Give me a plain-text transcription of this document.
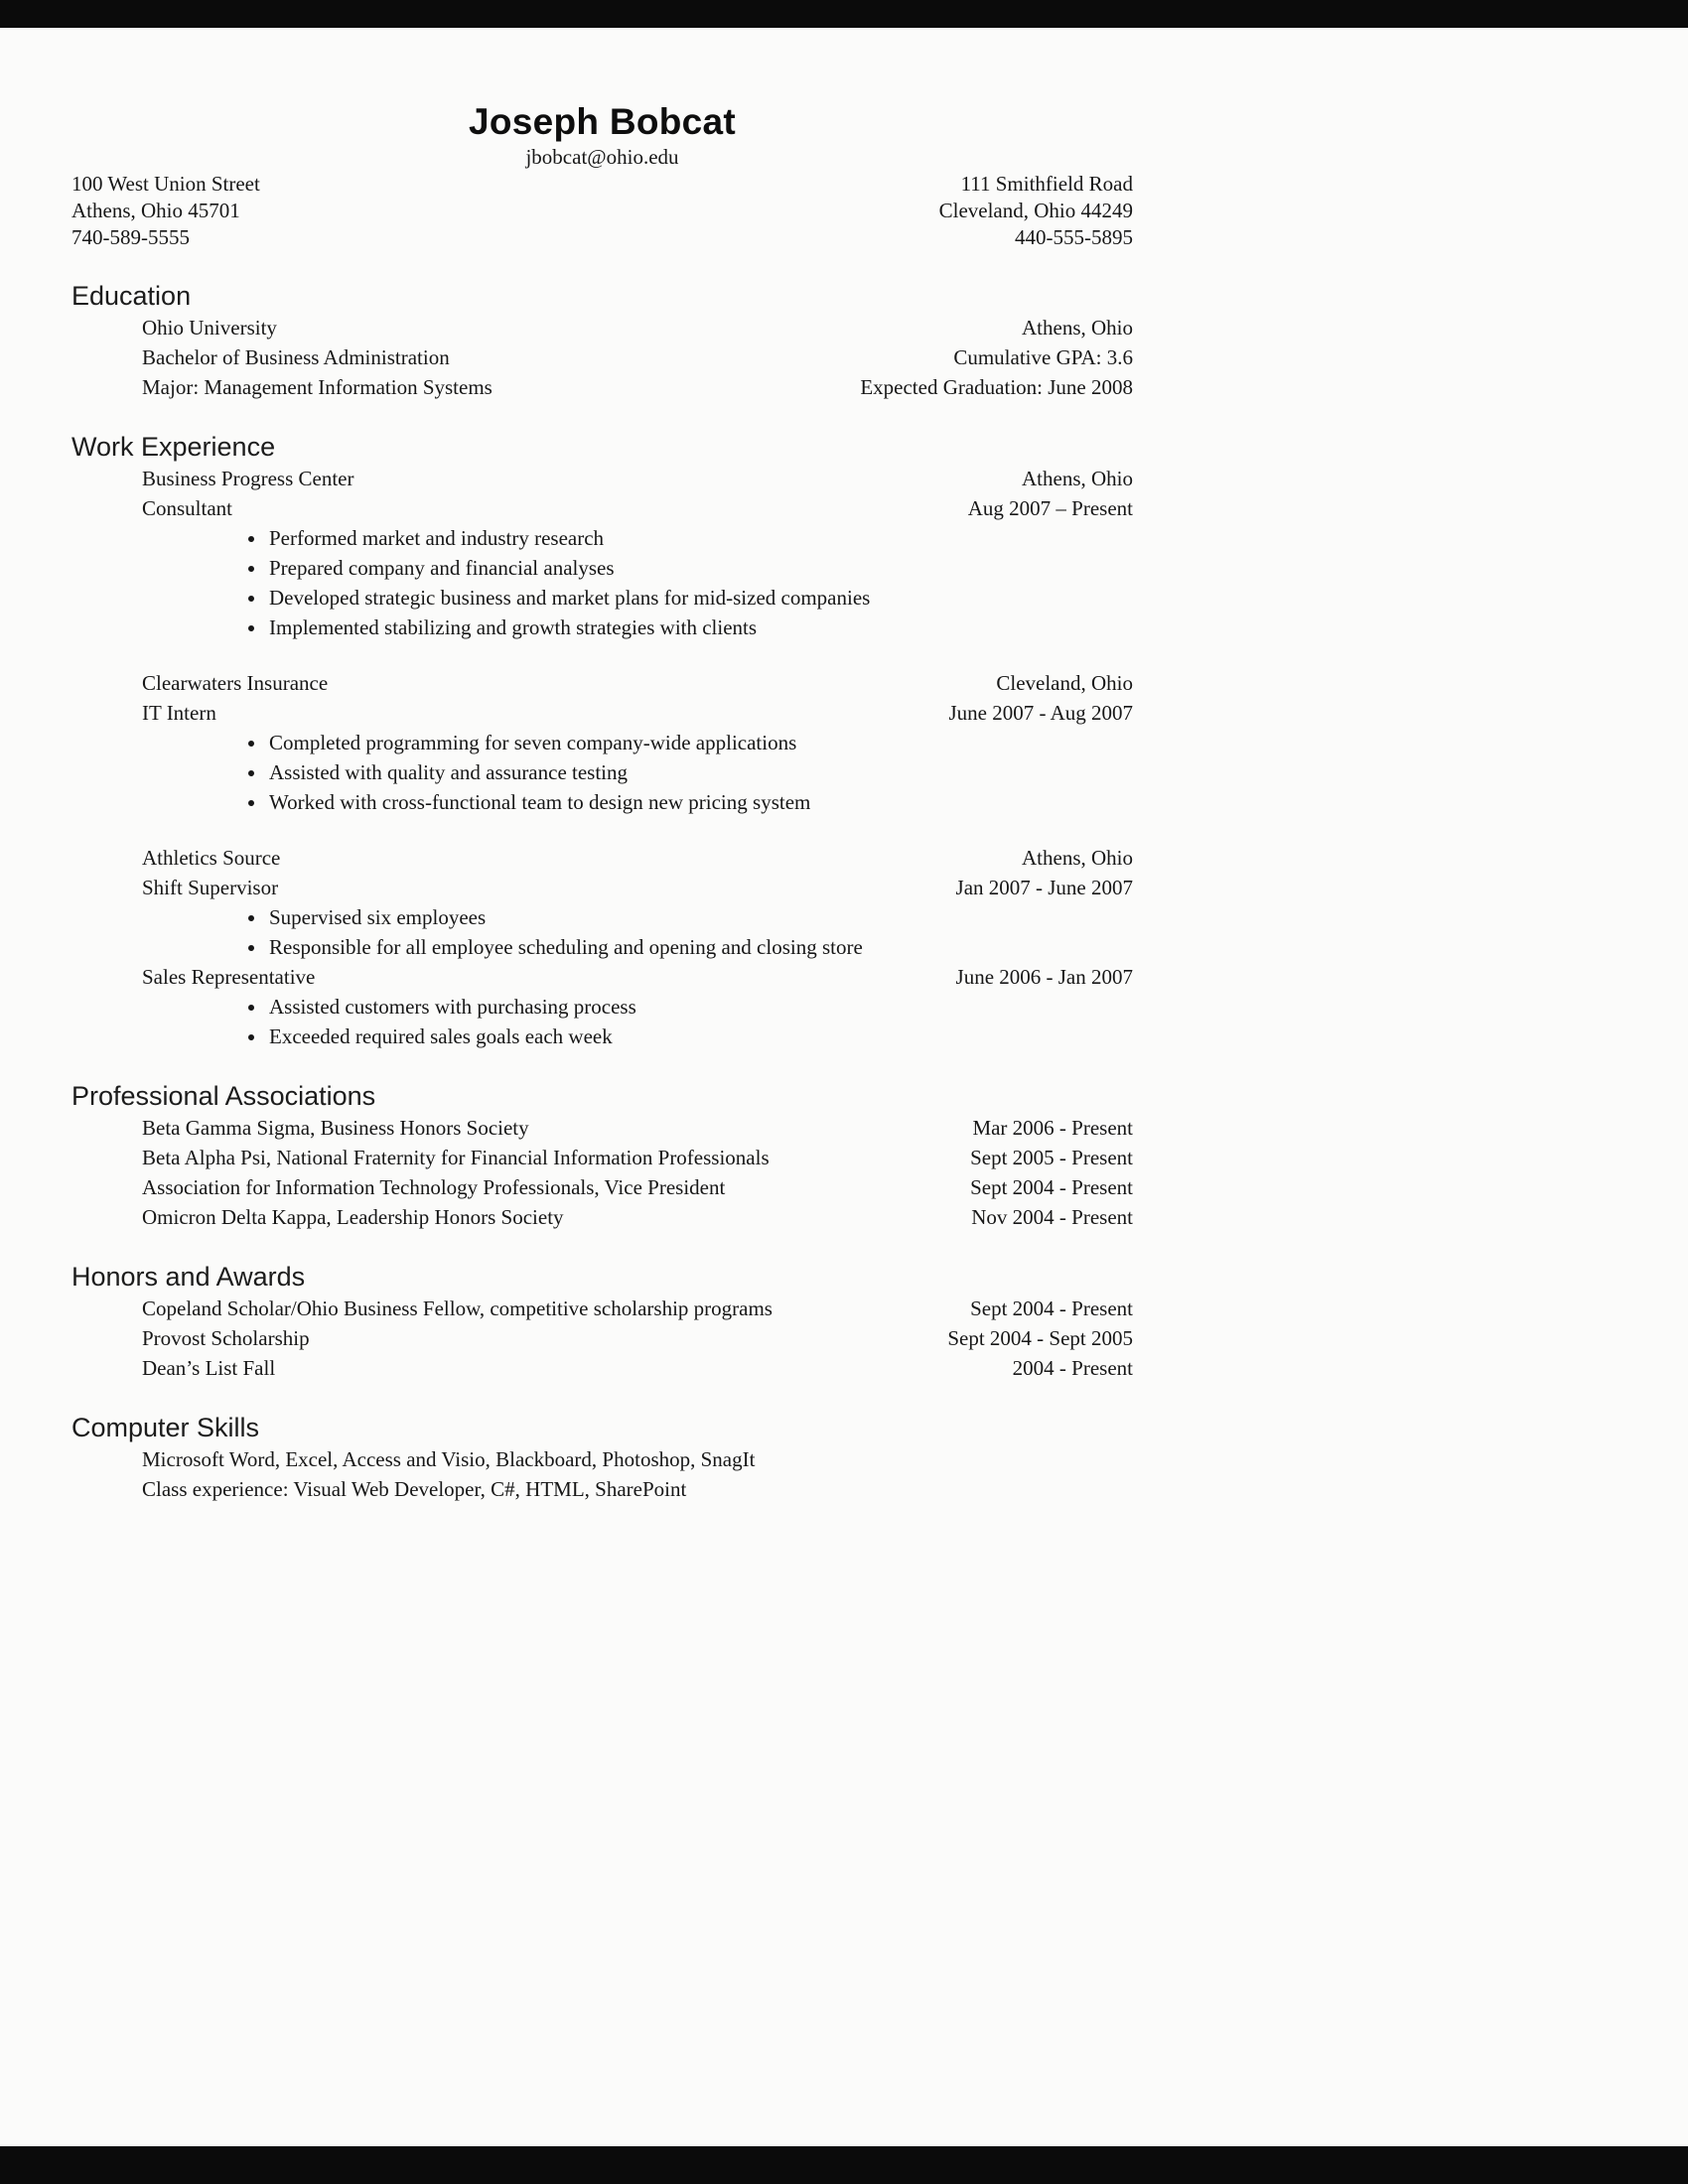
Joseph Bobcat
jbobcat@ohio.edu
100 West Union Street
Athens, Ohio 45701
740-589-5555
111 Smithfield Road
Cleveland, Ohio 44249
440-555-5895
Education
Ohio University	Athens, Ohio
Bachelor of Business Administration	Cumulative GPA: 3.6
Major: Management Information Systems	Expected Graduation: June 2008
Work Experience
Business Progress Center	Athens, Ohio
Consultant	Aug 2007 – Present
• Performed market and industry research
• Prepared company and financial analyses
• Developed strategic business and market plans for mid-sized companies
• Implemented stabilizing and growth strategies with clients
Clearwaters Insurance	Cleveland, Ohio
IT Intern	June 2007 - Aug 2007
• Completed programming for seven company-wide applications
• Assisted with quality and assurance testing
• Worked with cross-functional team to design new pricing system
Athletics Source	Athens, Ohio
Shift Supervisor	Jan 2007 - June 2007
• Supervised six employees
• Responsible for all employee scheduling and opening and closing store
Sales Representative	June 2006 - Jan 2007
• Assisted customers with purchasing process
• Exceeded required sales goals each week
Professional Associations
Beta Gamma Sigma, Business Honors Society	Mar 2006 - Present
Beta Alpha Psi, National Fraternity for Financial Information Professionals	Sept 2005 - Present
Association for Information Technology Professionals, Vice President	Sept 2004 - Present
Omicron Delta Kappa, Leadership Honors Society	Nov 2004 - Present
Honors and Awards
Copeland Scholar/Ohio Business Fellow, competitive scholarship programs	Sept 2004 - Present
Provost Scholarship	Sept 2004 - Sept 2005
Dean’s List Fall	2004 - Present
Computer Skills
Microsoft Word, Excel, Access and Visio, Blackboard, Photoshop, SnagIt
Class experience: Visual Web Developer, C#, HTML, SharePoint
